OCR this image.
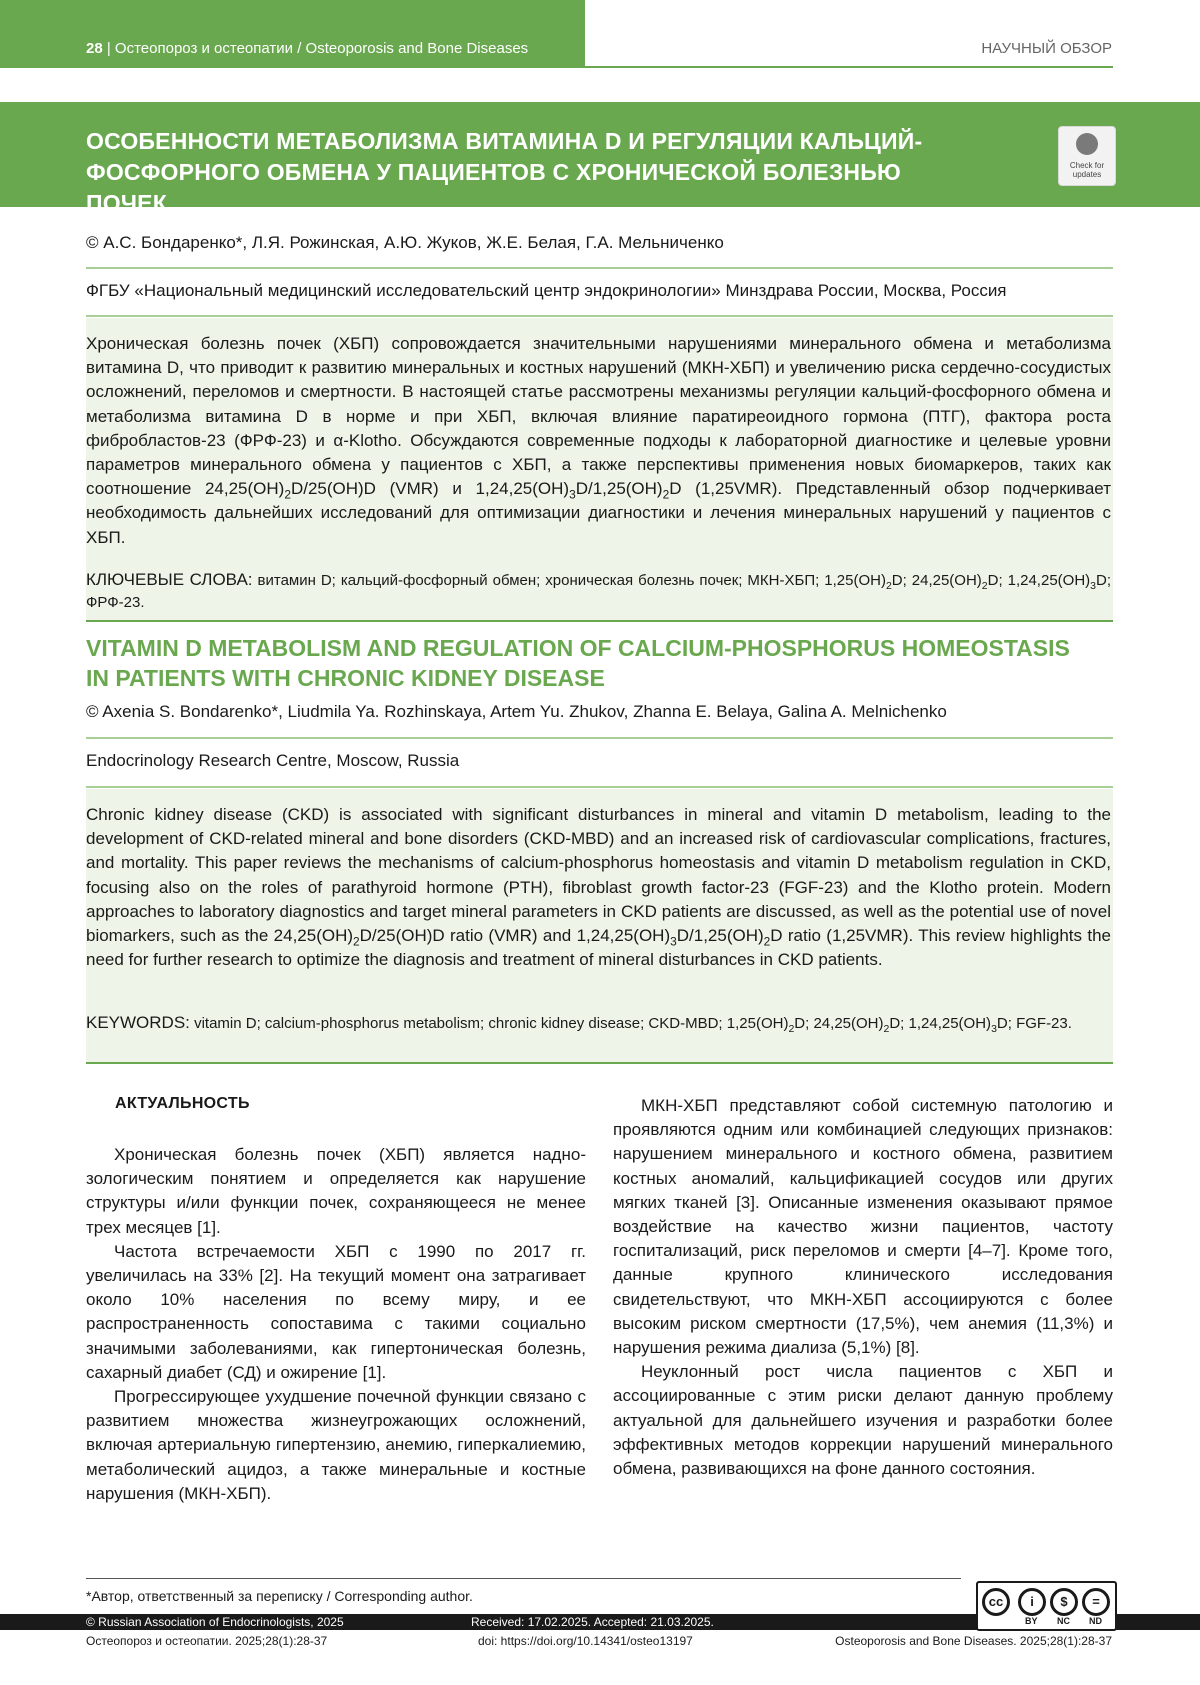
28 | Остеопороз и остеопатии / Osteoporosis and Bone Diseases	НАУЧНЫЙ ОБЗОР
ОСОБЕННОСТИ МЕТАБОЛИЗМА ВИТАМИНА D И РЕГУЛЯЦИИ КАЛЬЦИЙ-ФОСФОРНОГО ОБМЕНА У ПАЦИЕНТОВ С ХРОНИЧЕСКОЙ БОЛЕЗНЬЮ ПОЧЕК
Check for updates
© А.С. Бондаренко*, Л.Я. Рожинская, А.Ю. Жуков, Ж.Е. Белая, Г.А. Мельниченко
ФГБУ «Национальный медицинский исследовательский центр эндокринологии» Минздрава России, Москва, Россия
Хроническая болезнь почек (ХБП) сопровождается значительными нарушениями минерального обмена и метаболизма витамина D, что приводит к развитию минеральных и костных нарушений (МКН-ХБП) и увеличению риска сердечно-сосудистых осложнений, переломов и смертности. В настоящей статье рассмотрены механизмы регуляции кальций-фосфорного обмена и метаболизма витамина D в норме и при ХБП, включая влияние паратиреоидного гормона (ПТГ), фактора роста фибробластов-23 (ФРФ-23) и α-Klotho. Обсуждаются современные подходы к лабораторной диагностике и целевые уровни параметров минерального обмена у пациентов с ХБП, а также перспективы применения новых биомаркеров, таких как соотношение $24,25(OH)_2D/25(OH)D$ (VMR) и $1,24,25(OH)_3D/1,25(OH)_2D$ (1,25VMR). Представленный обзор подчеркивает необходимость дальнейших исследований для оптимизации диагностики и лечения минеральных нарушений у пациентов с ХБП.
КЛЮЧЕВЫЕ СЛОВА: витамин D; кальций-фосфорный обмен; хроническая болезнь почек; МКН-ХБП; $1,25(OH)_2D$; $24,25(OH)_2D$; $1,24,25(OH)_3D$; ФРФ-23.
VITAMIN D METABOLISM AND REGULATION OF CALCIUM-PHOSPHORUS HOMEOSTASIS IN PATIENTS WITH CHRONIC KIDNEY DISEASE
© Axenia S. Bondarenko*, Liudmila Ya. Rozhinskaya, Artem Yu. Zhukov, Zhanna E. Belaya, Galina A. Melnichenko
Endocrinology Research Centre, Moscow, Russia
Chronic kidney disease (CKD) is associated with significant disturbances in mineral and vitamin D metabolism, leading to the development of CKD-related mineral and bone disorders (CKD-MBD) and an increased risk of cardiovascular complications, fractures, and mortality. This paper reviews the mechanisms of calcium-phosphorus homeostasis and vitamin D metabolism regulation in CKD, focusing also on the roles of parathyroid hormone (PTH), fibroblast growth factor-23 (FGF-23) and the Klotho protein. Modern approaches to laboratory diagnostics and target mineral parameters in CKD patients are discussed, as well as the potential use of novel biomarkers, such as the $24,25(OH)_2D/25(OH)D$ ratio (VMR) and $1,24,25(OH)_3D/1,25(OH)_2D$ ratio (1,25VMR). This review highlights the need for further research to optimize the diagnosis and treatment of mineral disturbances in CKD patients.
KEYWORDS: vitamin D; calcium-phosphorus metabolism; chronic kidney disease; CKD-MBD; $1,25(OH)_2D$; $24,25(OH)_2D$; $1,24,25(OH)_3D$; FGF-23.
АКТУАЛЬНОСТЬ

Хроническая болезнь почек (ХБП) является наднозологическим понятием и определяется как нарушение структуры и/или функции почек, сохраняющееся не менее трех месяцев [1].

Частота встречаемости ХБП с 1990 по 2017 гг. увеличилась на 33% [2]. На текущий момент она затрагивает около 10% населения по всему миру, и ее распространенность сопоставима с такими социально значимыми заболеваниями, как гипертоническая болезнь, сахарный диабет (СД) и ожирение [1].

Прогрессирующее ухудшение почечной функции связано с развитием множества жизнеугрожающих осложнений, включая артериальную гипертензию, анемию, гиперкалиемию, метаболический ацидоз, а также минеральные и костные нарушения (МКН-ХБП).

МКН-ХБП представляют собой системную патологию и проявляются одним или комбинацией следующих признаков: нарушением минерального и костного обмена, развитием костных аномалий, кальцификацией сосудов или других мягких тканей [3]. Описанные изменения оказывают прямое воздействие на качество жизни пациентов, частоту госпитализаций, риск переломов и смерти [4–7]. Кроме того, данные крупного клинического исследования свидетельствуют, что МКН-ХБП ассоциируются с более высоким риском смертности (17,5%), чем анемия (11,3%) и нарушения режима диализа (5,1%) [8].

Неуклонный рост числа пациентов с ХБП и ассоциированные с этим риски делают данную проблему актуальной для дальнейшего изучения и разработки более эффективных методов коррекции нарушений минерального обмена, развивающихся на фоне данного состояния.

*Автор, ответственный за переписку / Corresponding author.
© Russian Association of Endocrinologists, 2025	Received: 17.02.2025. Accepted: 21.03.2025.
cc	i	$	=
BY NC ND
Остеопороз и остеопатии. 2025;28(1):28-37	doi: https://doi.org/10.14341/osteo13197	Osteoporosis and Bone Diseases. 2025;28(1):28-37
